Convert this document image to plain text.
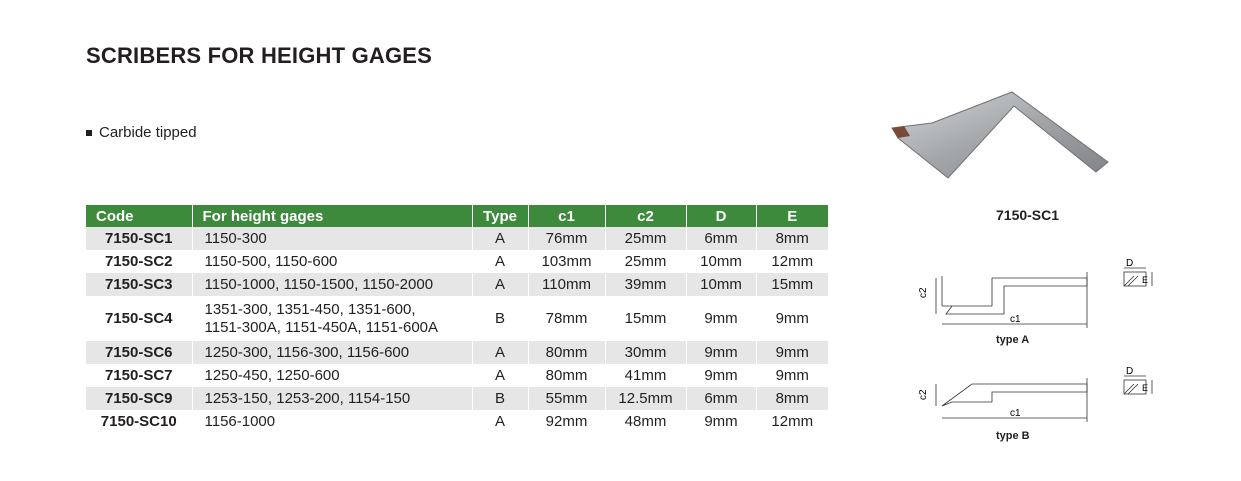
SCRIBERS FOR HEIGHT GAGES
Carbide tipped
Code	For height gages	Type	c1	c2	D	E
7150-SC1	1150-300	A	76mm	25mm	6mm	8mm
7150-SC2	1150-500, 1150-600	A	103mm	25mm	10mm	12mm
7150-SC3	1150-1000, 1150-1500, 1150-2000	A	110mm	39mm	10mm	15mm
7150-SC4	1351-300, 1351-450, 1351-600,
1151-300A, 1151-450A, 1151-600A	B	78mm	15mm	9mm	9mm
7150-SC6	1250-300, 1156-300, 1156-600	A	80mm	30mm	9mm	9mm
7150-SC7	1250-450, 1250-600	A	80mm	41mm	9mm	9mm
7150-SC9	1253-150, 1253-200, 1154-150	B	55mm	12.5mm	6mm	8mm
7150-SC10	1156-1000	A	92mm	48mm	9mm	12mm
7150-SC1
c2
c1
D
E
type A
c2
c1
D
E
type B
